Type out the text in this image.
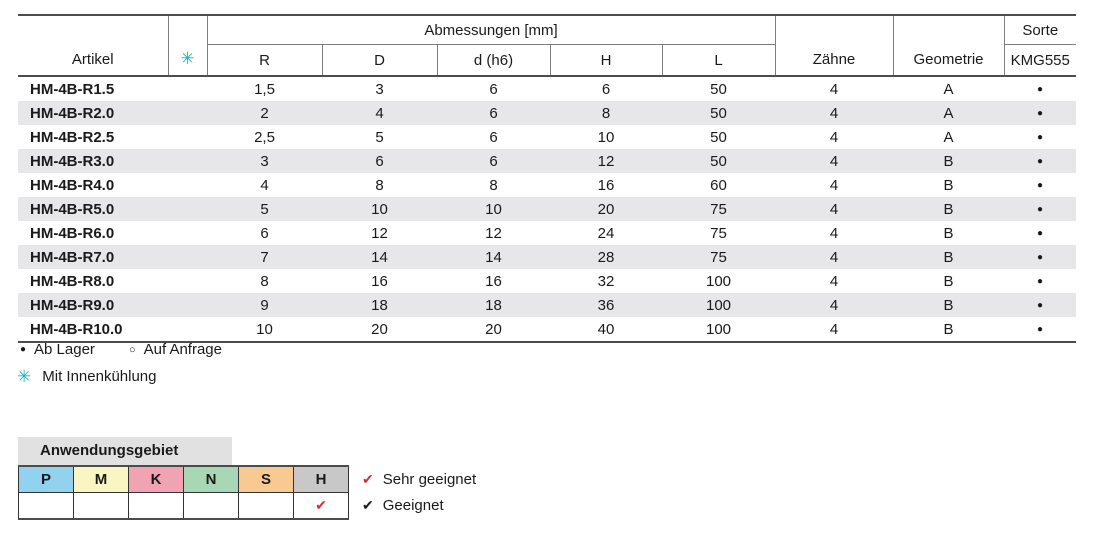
Artikel	✳	Abmessungen [mm]					Zähne	Geometrie	Sorte
		R	D	d (h6)	H	L			KMG555
HM-4B-R1.5		1,5	3	6	6	50	4	A	●
HM-4B-R2.0		2	4	6	8	50	4	A	●
HM-4B-R2.5		2,5	5	6	10	50	4	A	●
HM-4B-R3.0		3	6	6	12	50	4	B	●
HM-4B-R4.0		4	8	8	16	60	4	B	●
HM-4B-R5.0		5	10	10	20	75	4	B	●
HM-4B-R6.0		6	12	12	24	75	4	B	●
HM-4B-R7.0		7	14	14	28	75	4	B	●
HM-4B-R8.0		8	16	16	32	100	4	B	●
HM-4B-R9.0		9	18	18	36	100	4	B	●
HM-4B-R10.0		10	20	20	40	100	4	B	●
● Ab Lager	○ Auf Anfrage
✳ Mit Innenkühlung
Anwendungsgebiet
P	M	K	N	S	H
					✔
✔ Sehr geeignet
✔ Geeignet
